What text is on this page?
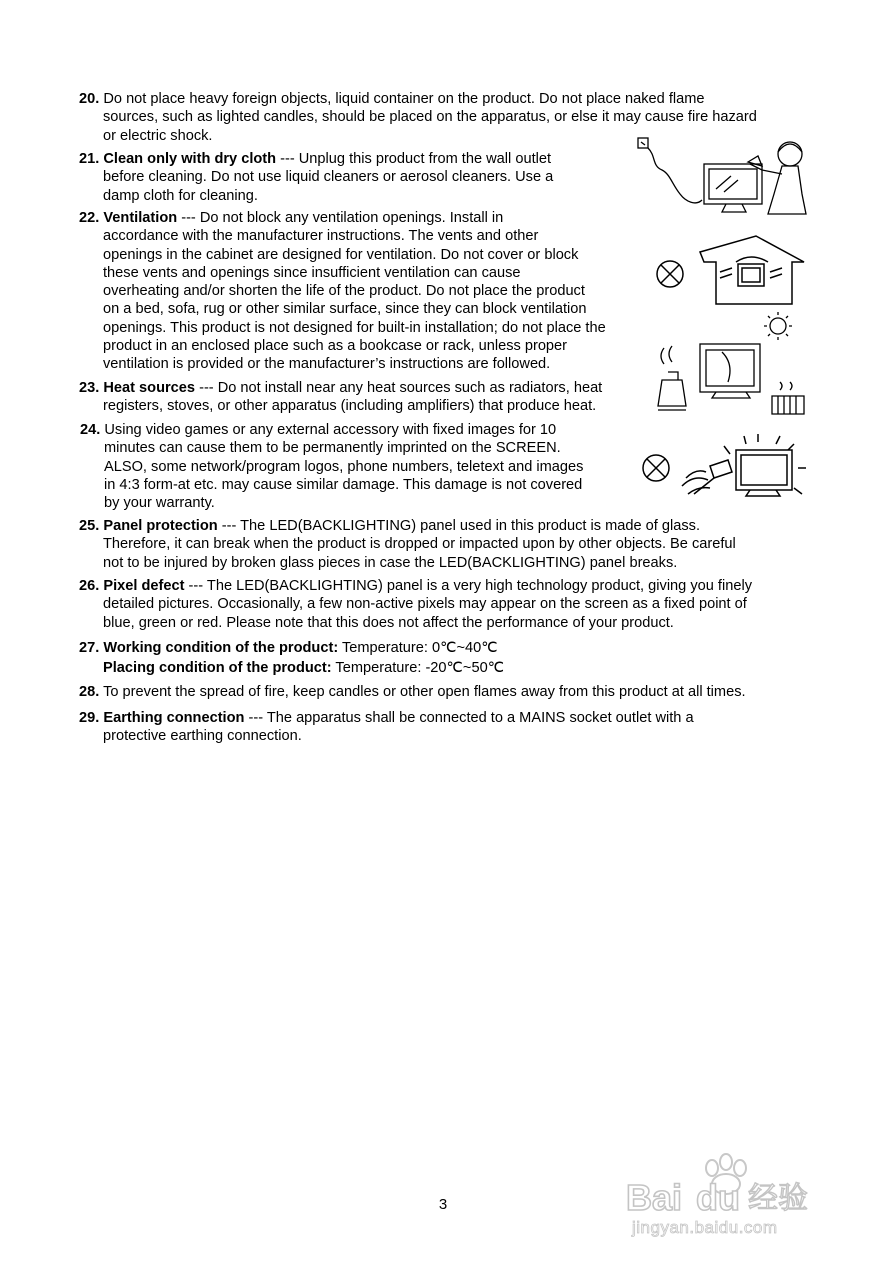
20. Do not place heavy foreign objects, liquid container on the product. Do not place naked flame
sources, such as lighted candles, should be placed on the apparatus, or else it may cause fire hazard
or electric shock.
21. Clean only with dry cloth --- Unplug this product from the wall outlet
before cleaning. Do not use liquid cleaners or aerosol cleaners. Use a
damp cloth for cleaning.
22. Ventilation --- Do not block any ventilation openings. Install in
accordance with the manufacturer instructions. The vents and other
openings in the cabinet are designed for ventilation. Do not cover or block
these vents and openings since insufficient ventilation can cause
overheating and/or shorten the life of the product. Do not place the product
on a bed, sofa, rug or other similar surface, since they can block ventilation
openings. This product is not designed for built-in installation; do not place the
product in an enclosed place such as a bookcase or rack, unless proper
ventilation is provided or the manufacturer’s instructions are followed.
23. Heat sources --- Do not install near any heat sources such as radiators, heat
registers, stoves, or other apparatus (including amplifiers) that produce heat.
24. Using video games or any external accessory with fixed images for 10
minutes can cause them to be permanently imprinted on the SCREEN.
ALSO, some network/program logos, phone numbers, teletext and images
in 4:3 form-at etc. may cause similar damage. This damage is not covered
by your warranty.
25. Panel protection --- The LED(BACKLIGHTING) panel used in this product is made of glass.
Therefore, it can break when the product is dropped or impacted upon by other objects. Be careful
not to be injured by broken glass pieces in case the LED(BACKLIGHTING) panel breaks.
26. Pixel defect --- The LED(BACKLIGHTING) panel is a very high technology product, giving you finely
detailed pictures. Occasionally, a few non-active pixels may appear on the screen as a fixed point of
blue, green or red. Please note that this does not affect the performance of your product.
27. Working condition of the product: Temperature: 0℃~40℃
Placing condition of the product: Temperature: -20℃~50℃
28. To prevent the spread of fire, keep candles or other open flames away from this product at all times.
29. Earthing connection --- The apparatus shall be connected to a MAINS socket outlet with a
protective earthing connection.
3	Bai du 经验
jingyan.baidu.com
